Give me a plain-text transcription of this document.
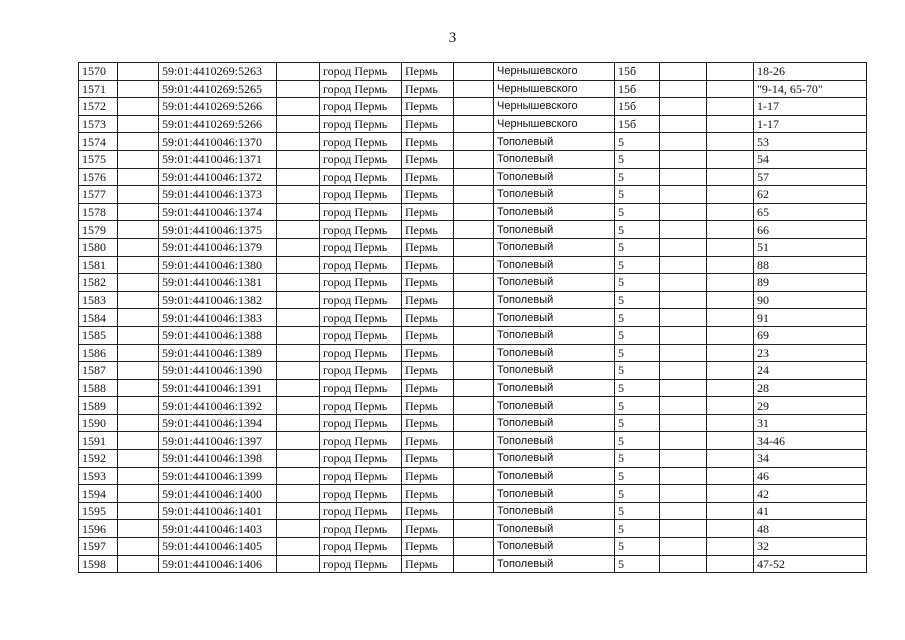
3
1570		59:01:4410269:5263		город Пермь	Пермь		Чернышевского	15б			18-26
1571		59:01:4410269:5265		город Пермь	Пермь		Чернышевского	15б			"9-14, 65-70"
1572		59:01:4410269:5266		город Пермь	Пермь		Чернышевского	15б			1-17
1573		59:01:4410269:5266		город Пермь	Пермь		Чернышевского	15б			1-17
1574		59:01:4410046:1370		город Пермь	Пермь		Тополевый	5			53
1575		59:01:4410046:1371		город Пермь	Пермь		Тополевый	5			54
1576		59:01:4410046:1372		город Пермь	Пермь		Тополевый	5			57
1577		59:01:4410046:1373		город Пермь	Пермь		Тополевый	5			62
1578		59:01:4410046:1374		город Пермь	Пермь		Тополевый	5			65
1579		59:01:4410046:1375		город Пермь	Пермь		Тополевый	5			66
1580		59:01:4410046:1379		город Пермь	Пермь		Тополевый	5			51
1581		59:01:4410046:1380		город Пермь	Пермь		Тополевый	5			88
1582		59:01:4410046:1381		город Пермь	Пермь		Тополевый	5			89
1583		59:01:4410046:1382		город Пермь	Пермь		Тополевый	5			90
1584		59:01:4410046:1383		город Пермь	Пермь		Тополевый	5			91
1585		59:01:4410046:1388		город Пермь	Пермь		Тополевый	5			69
1586		59:01:4410046:1389		город Пермь	Пермь		Тополевый	5			23
1587		59:01:4410046:1390		город Пермь	Пермь		Тополевый	5			24
1588		59:01:4410046:1391		город Пермь	Пермь		Тополевый	5			28
1589		59:01:4410046:1392		город Пермь	Пермь		Тополевый	5			29
1590		59:01:4410046:1394		город Пермь	Пермь		Тополевый	5			31
1591		59:01:4410046:1397		город Пермь	Пермь		Тополевый	5			34-46
1592		59:01:4410046:1398		город Пермь	Пермь		Тополевый	5			34
1593		59:01:4410046:1399		город Пермь	Пермь		Тополевый	5			46
1594		59:01:4410046:1400		город Пермь	Пермь		Тополевый	5			42
1595		59:01:4410046:1401		город Пермь	Пермь		Тополевый	5			41
1596		59:01:4410046:1403		город Пермь	Пермь		Тополевый	5			48
1597		59:01:4410046:1405		город Пермь	Пермь		Тополевый	5			32
1598		59:01:4410046:1406		город Пермь	Пермь		Тополевый	5			47-52
